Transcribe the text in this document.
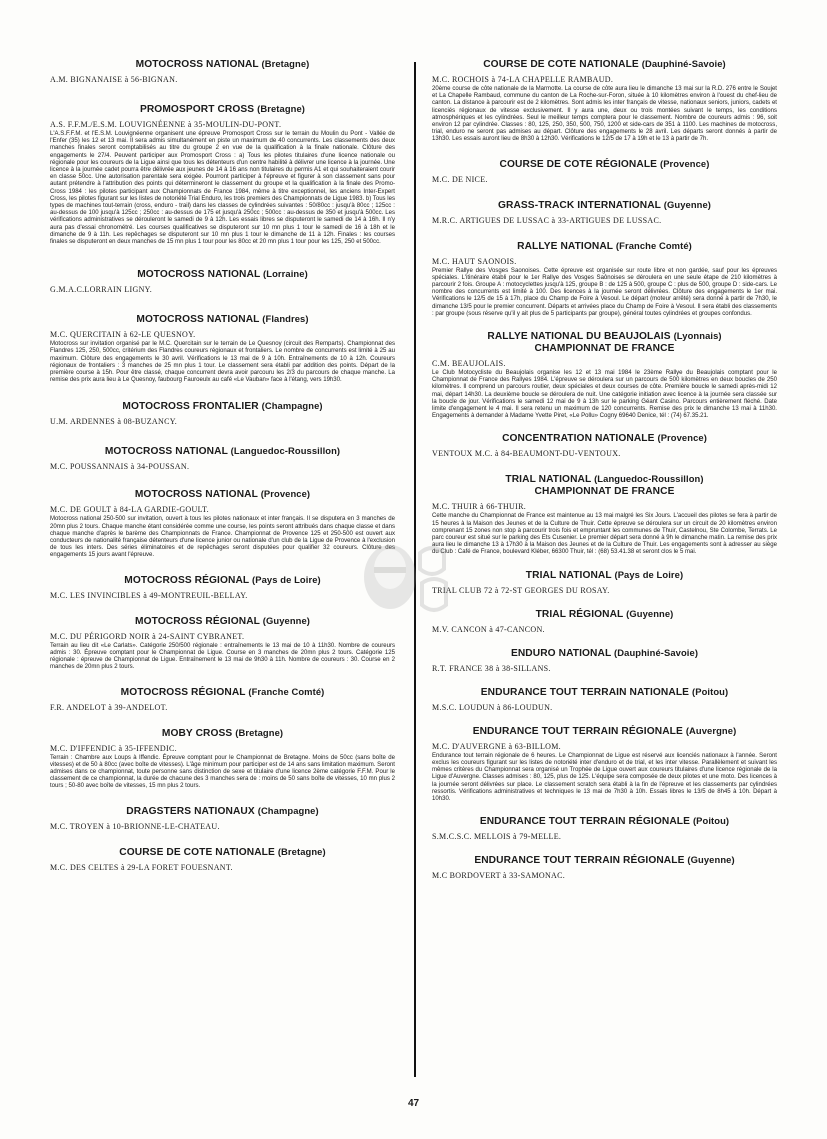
MOTOCROSS NATIONAL (Bretagne)
A.M. BIGNANAISE à 56-BIGNAN.
PROMOSPORT CROSS (Bretagne)
A.S. F.F.M./E.S.M. LOUVIGNÉENNE à 35-MOULIN-DU-PONT.

L'A.S.F.F.M. et l'E.S.M. Louvignéenne organisent une épreuve Promosport Cross sur le terrain du Moulin du Pont - Vallée de l'Enfer (35) les 12 et 13 mai. Il sera admis simultanément en piste un maximum de 40 concurrents. Les classements des deux manches finales seront comptabilisés au titre du groupe 2 en vue de la qualification à la finale nationale. Clôture des engagements le 27/4. Peuvent participer aux Promosport Cross : a) Tous les pilotes titulaires d'une licence nationale ou régionale pour les coureurs de la Ligue ainsi que tous les détenteurs d'un centre habilité à délivrer une licence à la journée. Une licence à la journée cadet pourra être délivrée aux jeunes de 14 à 16 ans non titulaires du permis A1 et qui souhaiteraient courir en classe 50cc. Une autorisation parentale sera exigée. Pourront participer à l'épreuve et figurer à son classement sans pour autant prétendre à l'attribution des points qui détermineront le classement du groupe et la qualification à la finale des Promo-Cross 1984 : les pilotes participant aux Championnats de France 1984, même à titre exceptionnel, les anciens Inter-Expert Cross, les pilotes figurant sur les listes de notoriété Trial Enduro, les trois premiers des Championnats de Ligue 1983. b) Tous les types de machines tout-terrain (cross, enduro - trail) dans les classes de cylindrées suivantes : 50/80cc : jusqu'à 80cc ; 125cc : au-dessus de 100 jusqu'à 125cc ; 250cc : au-dessus de 175 et jusqu'à 250cc ; 500cc : au-dessus de 350 et jusqu'à 500cc. Les vérifications administratives se dérouleront le samedi de 9 à 12h. Les essais libres se disputeront le samedi de 14 à 16h. Il n'y aura pas d'essai chronométré. Les courses qualificatives se disputeront sur 10 mn plus 1 tour le samedi de 16 à 18h et le dimanche de 9 à 11h. Les repêchages se disputeront sur 10 mn plus 1 tour le dimanche de 11 à 12h. Finales : les courses finales se disputeront en deux manches de 15 mn plus 1 tour pour les 80cc et 20 mn plus 1 tour pour les 125, 250 et 500cc.

MOTOCROSS NATIONAL (Lorraine)
G.M.A.C.LORRAIN LIGNY.
MOTOCROSS NATIONAL (Flandres)
M.C. QUERCITAIN à 62-LE QUESNOY.

Motocross sur invitation organisé par le M.C. Quercitain sur le terrain de Le Quesnoy (circuit des Remparts). Championnat des Flandres 125, 250, 500cc, critérium des Flandres coureurs régionaux et frontaliers. Le nombre de concurrents est limité à 25 au maximum. Clôture des engagements le 30 avril. Vérifications le 13 mai de 9 à 10h. Entraînements de 10 à 12h. Coureurs régionaux de frontaliers : 3 manches de 25 mn plus 1 tour. Le classement sera établi par addition des points. Départ de la première course à 15h. Pour être classé, chaque concurrent devra avoir parcouru les 2/3 du parcours de chaque manche. La remise des prix aura lieu à Le Quesnoy, faubourg Fauroeulx au café «Le Vauban» face à l'étang, vers 19h30.

MOTOCROSS FRONTALIER (Champagne)
U.M. ARDENNES à 08-BUZANCY.
MOTOCROSS NATIONAL (Languedoc-Roussillon)
M.C. POUSSANNAIS à 34-POUSSAN.
MOTOCROSS NATIONAL (Provence)
M.C. DE GOULT à 84-LA GARDIE-GOULT.

Motocross national 250-500 sur invitation, ouvert à tous les pilotes nationaux et inter français. Il se disputera en 3 manches de 20mn plus 2 tours. Chaque manche étant considérée comme une course, les points seront attribués dans chaque classe et dans chaque manche d'après le barème des Championnats de France. Championnat de Provence 125 et 250-500 est ouvert aux conducteurs de nationalité française détenteurs d'une licence junior ou nationale d'un club de la Ligue de Provence à l'exclusion de tous les inters. Des séries éliminatoires et de repêchages seront disputées pour qualifier 32 coureurs. Clôture des engagements 15 jours avant l'épreuve.

MOTOCROSS RÉGIONAL (Pays de Loire)
M.C. LES INVINCIBLES à 49-MONTREUIL-BELLAY.
MOTOCROSS RÉGIONAL (Guyenne)
M.C. DU PÉRIGORD NOIR à 24-SAINT CYBRANET.

Terrain au lieu dit «Le Carlats». Catégorie 250/500 régionale : entraînements le 13 mai de 10 à 11h30. Nombre de coureurs admis : 30. Épreuve comptant pour le Championnat de Ligue. Course en 3 manches de 20mn plus 2 tours. Catégorie 125 régionale : épreuve de Championnat de Ligue. Entraînement le 13 mai de 9h30 à 11h. Nombre de coureurs : 30. Course en 2 manches de 20mn plus 2 tours.

MOTOCROSS RÉGIONAL (Franche Comté)
F.R. ANDELOT à 39-ANDELOT.
MOBY CROSS (Bretagne)
M.C. D'IFFENDIC à 35-IFFENDIC.

Terrain : Chambre aux Loups à Iffendic. Épreuve comptant pour le Championnat de Bretagne. Moins de 50cc (sans boîte de vitesses) et de 50 à 80cc (avec boîte de vitesses). L'âge minimum pour participer est de 14 ans sans limitation maximum. Seront admises dans ce championnat, toute personne sans distinction de sexe et titulaire d'une licence 2ème catégorie F.F.M. Pour le classement de ce championnat, la durée de chacune des 3 manches sera de : moins de 50 sans boîte de vitesses, 10 mn plus 2 tours ; 50-80 avec boîte de vitesses, 15 mn plus 2 tours.

DRAGSTERS NATIONAUX (Champagne)
M.C. TROYEN à 10-BRIONNE-LE-CHATEAU.
COURSE DE COTE NATIONALE (Bretagne)
M.C. DES CELTES à 29-LA FORET FOUESNANT.
COURSE DE COTE NATIONALE (Dauphiné-Savoie)
M.C. ROCHOIS à 74-LA CHAPELLE RAMBAUD.

20ème course de côte nationale de la Marmotte. La course de côte aura lieu le dimanche 13 mai sur la R.D. 276 entre le Soujet et La Chapelle Rambaud, commune du canton de La Roche-sur-Foron, située à 10 kilomètres environ à l'ouest du chef-lieu de canton. La distance à parcourir est de 2 kilomètres. Sont admis les inter français de vitesse, nationaux seniors, juniors, cadets et licenciés régionaux de vitesse exclusivement. Il y aura une, deux ou trois montées suivant le temps, les conditions atmosphériques et les cylindrées. Seul le meilleur temps comptera pour le classement. Nombre de coureurs admis : 96, soit environ 12 par cylindrée. Classes : 80, 125, 250, 350, 500, 750, 1200 et side-cars de 351 à 1100. Les machines de motocross, trial, enduro ne seront pas admises au départ. Clôture des engagements le 28 avril. Les départs seront donnés à partir de 13h30. Les essais auront lieu de 8h30 à 12h30. Vérifications le 12/5 de 17 à 19h et le 13 à partir de 7h.

COURSE DE COTE RÉGIONALE (Provence)
M.C. DE NICE.
GRASS-TRACK INTERNATIONAL (Guyenne)
M.R.C. ARTIGUES DE LUSSAC à 33-ARTIGUES DE LUSSAC.
RALLYE NATIONAL (Franche Comté)
M.C. HAUT SAONOIS.

Premier Rallye des Vosges Saonoises. Cette épreuve est organisée sur route libre et non gardée, sauf pour les épreuves spéciales. L'itinéraire établi pour le 1er Rallye des Vosges Saônoises se déroulera en une seule étape de 210 kilomètres à parcourir 2 fois. Groupe A : motocyclettes jusqu'à 125, groupe B : de 125 à 500, groupe C : plus de 500, groupe D : side-cars. Le nombre des concurrents est limité à 100. Des licences à la journée seront délivrées. Clôture des engagements le 1er mai. Vérifications le 12/5 de 15 à 17h, place du Champ de Foire à Vesoul. Le départ (moteur arrêté) sera donné à partir de 7h30, le dimanche 13/5 pour le premier concurrent. Départs et arrivées place du Champ de Foire à Vesoul. Il sera établi des classements : par groupe (sous réserve qu'il y ait plus de 5 participants par groupe), général toutes cylindrées et groupes confondus.

RALLYE NATIONAL DU BEAUJOLAIS (Lyonnais)
CHAMPIONNAT DE FRANCE
C.M. BEAUJOLAIS.

Le Club Motocycliste du Beaujolais organise les 12 et 13 mai 1984 le 23ème Rallye du Beaujolais comptant pour le Championnat de France des Rallyes 1984. L'épreuve se déroulera sur un parcours de 500 kilomètres en deux boucles de 250 kilomètres. Il comprend un parcours routier, deux spéciales et deux courses de côte. Première boucle le samedi après-midi 12 mai, départ 14h30. La deuxième boucle se déroulera de nuit. Une catégorie initiation avec licence à la journée sera classée sur la boucle de jour. Vérifications le samedi 12 mai de 9 à 13h sur le parking Géant Casino. Parcours entièrement fléché. Date limite d'engagement le 4 mai. Il sera retenu un maximum de 120 concurrents. Remise des prix le dimanche 13 mai à 11h30. Engagements à demander à Madame Yvette Piret, «Le Pollu» Cogny 69640 Denice, tél : (74) 67.35.21.

CONCENTRATION NATIONALE (Provence)
VENTOUX M.C. à 84-BEAUMONT-DU-VENTOUX.
TRIAL NATIONAL (Languedoc-Roussillon)
CHAMPIONNAT DE FRANCE
M.C. THUIR à 66-THUIR.

Cette manche du Championnat de France est maintenue au 13 mai malgré les Six Jours. L'accueil des pilotes se fera à partir de 15 heures à la Maison des Jeunes et de la Culture de Thuir. Cette épreuve se déroulera sur un circuit de 20 kilomètres environ comprenant 15 zones non stop à parcourir trois fois et empruntant les communes de Thuir, Castelnou, Ste Colombe, Terrats. Le parc coureur est situé sur le parking des Ets Cusenier. Le premier départ sera donné à 9h le dimanche matin. La remise des prix aura lieu le dimanche 13 à 17h30 à la Maison des Jeunes et de la Culture de Thuir. Les engagements sont à adresser au siège du Club : Café de France, boulevard Kléber, 66300 Thuir, tél : (68) 53.41.38 et seront clos le 5 mai.

TRIAL NATIONAL (Pays de Loire)
TRIAL CLUB 72 à 72-ST GEORGES DU ROSAY.
TRIAL RÉGIONAL (Guyenne)
M.V. CANCON à 47-CANCON.
ENDURO NATIONAL (Dauphiné-Savoie)
R.T. FRANCE 38 à 38-SILLANS.
ENDURANCE TOUT TERRAIN NATIONALE (Poitou)
M.S.C. LOUDUN à 86-LOUDUN.
ENDURANCE TOUT TERRAIN RÉGIONALE (Auvergne)
M.C. D'AUVERGNE à 63-BILLOM.

Endurance tout terrain régionale de 6 heures. Le Championnat de Ligue est réservé aux licenciés nationaux à l'année. Seront exclus les coureurs figurant sur les listes de notoriété inter d'enduro et de trial, et les inter vitesse. Parallèlement et suivant les mêmes critères du Championnat sera organisé un Trophée de Ligue ouvert aux coureurs titulaires d'une licence régionale de la Ligue d'Auvergne. Classes admises : 80, 125, plus de 125. L'équipe sera composée de deux pilotes et une moto. Des licences à la journée seront délivrées sur place. Le classement scratch sera établi à la fin de l'épreuve et les classements par cylindrées ressortis. Vérifications administratives et techniques le 13 mai de 7h30 à 10h. Essais libres le 13/5 de 8h45 à 10h. Départ à 10h30.

ENDURANCE TOUT TERRAIN RÉGIONALE (Poitou)
S.M.C.S.C. MELLOIS à 79-MELLE.
ENDURANCE TOUT TERRAIN RÉGIONALE (Guyenne)
M.C BORDOVERT à 33-SAMONAC.
47
